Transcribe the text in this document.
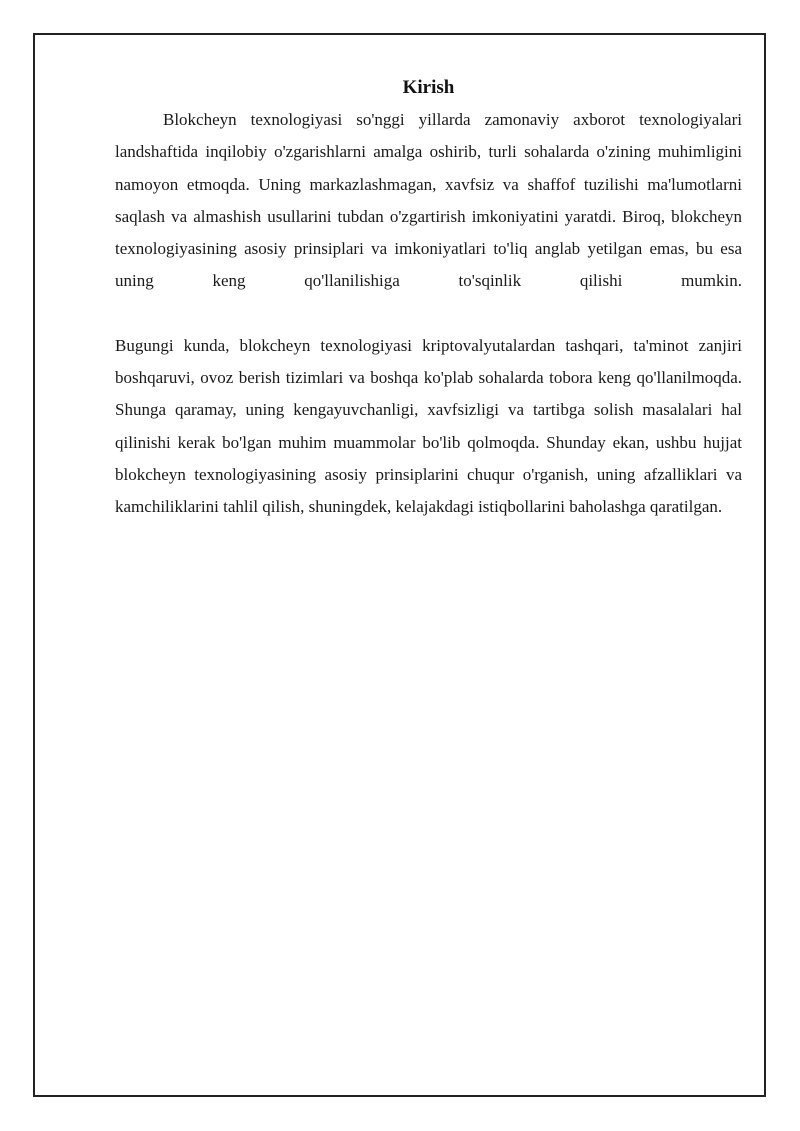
Kirish

Blokcheyn texnologiyasi so'nggi yillarda zamonaviy axborot texnologiyalari landshaftida inqilobiy o'zgarishlarni amalga oshirib, turli sohalarda o'zining muhimligini namoyon etmoqda. Uning markazlashmagan, xavfsiz va shaffof tuzilishi ma'lumotlarni saqlash va almashish usullarini tubdan o'zgartirish imkoniyatini yaratdi. Biroq, blokcheyn texnologiyasining asosiy prinsiplari va imkoniyatlari to'liq anglab yetilgan emas, bu esa uning keng qo'llanilishiga to'sqinlik qilishi mumkin.

Bugungi kunda, blokcheyn texnologiyasi kriptovalyutalardan tashqari, ta'minot zanjiri boshqaruvi, ovoz berish tizimlari va boshqa ko'plab sohalarda tobora keng qo'llanilmoqda. Shunga qaramay, uning kengayuvchanligi, xavfsizligi va tartibga solish masalalari hal qilinishi kerak bo'lgan muhim muammolar bo'lib qolmoqda. Shunday ekan, ushbu hujjat blokcheyn texnologiyasining asosiy prinsiplarini chuqur o'rganish, uning afzalliklari va kamchiliklarini tahlil qilish, shuningdek, kelajakdagi istiqbollarini baholashga qaratilgan.
